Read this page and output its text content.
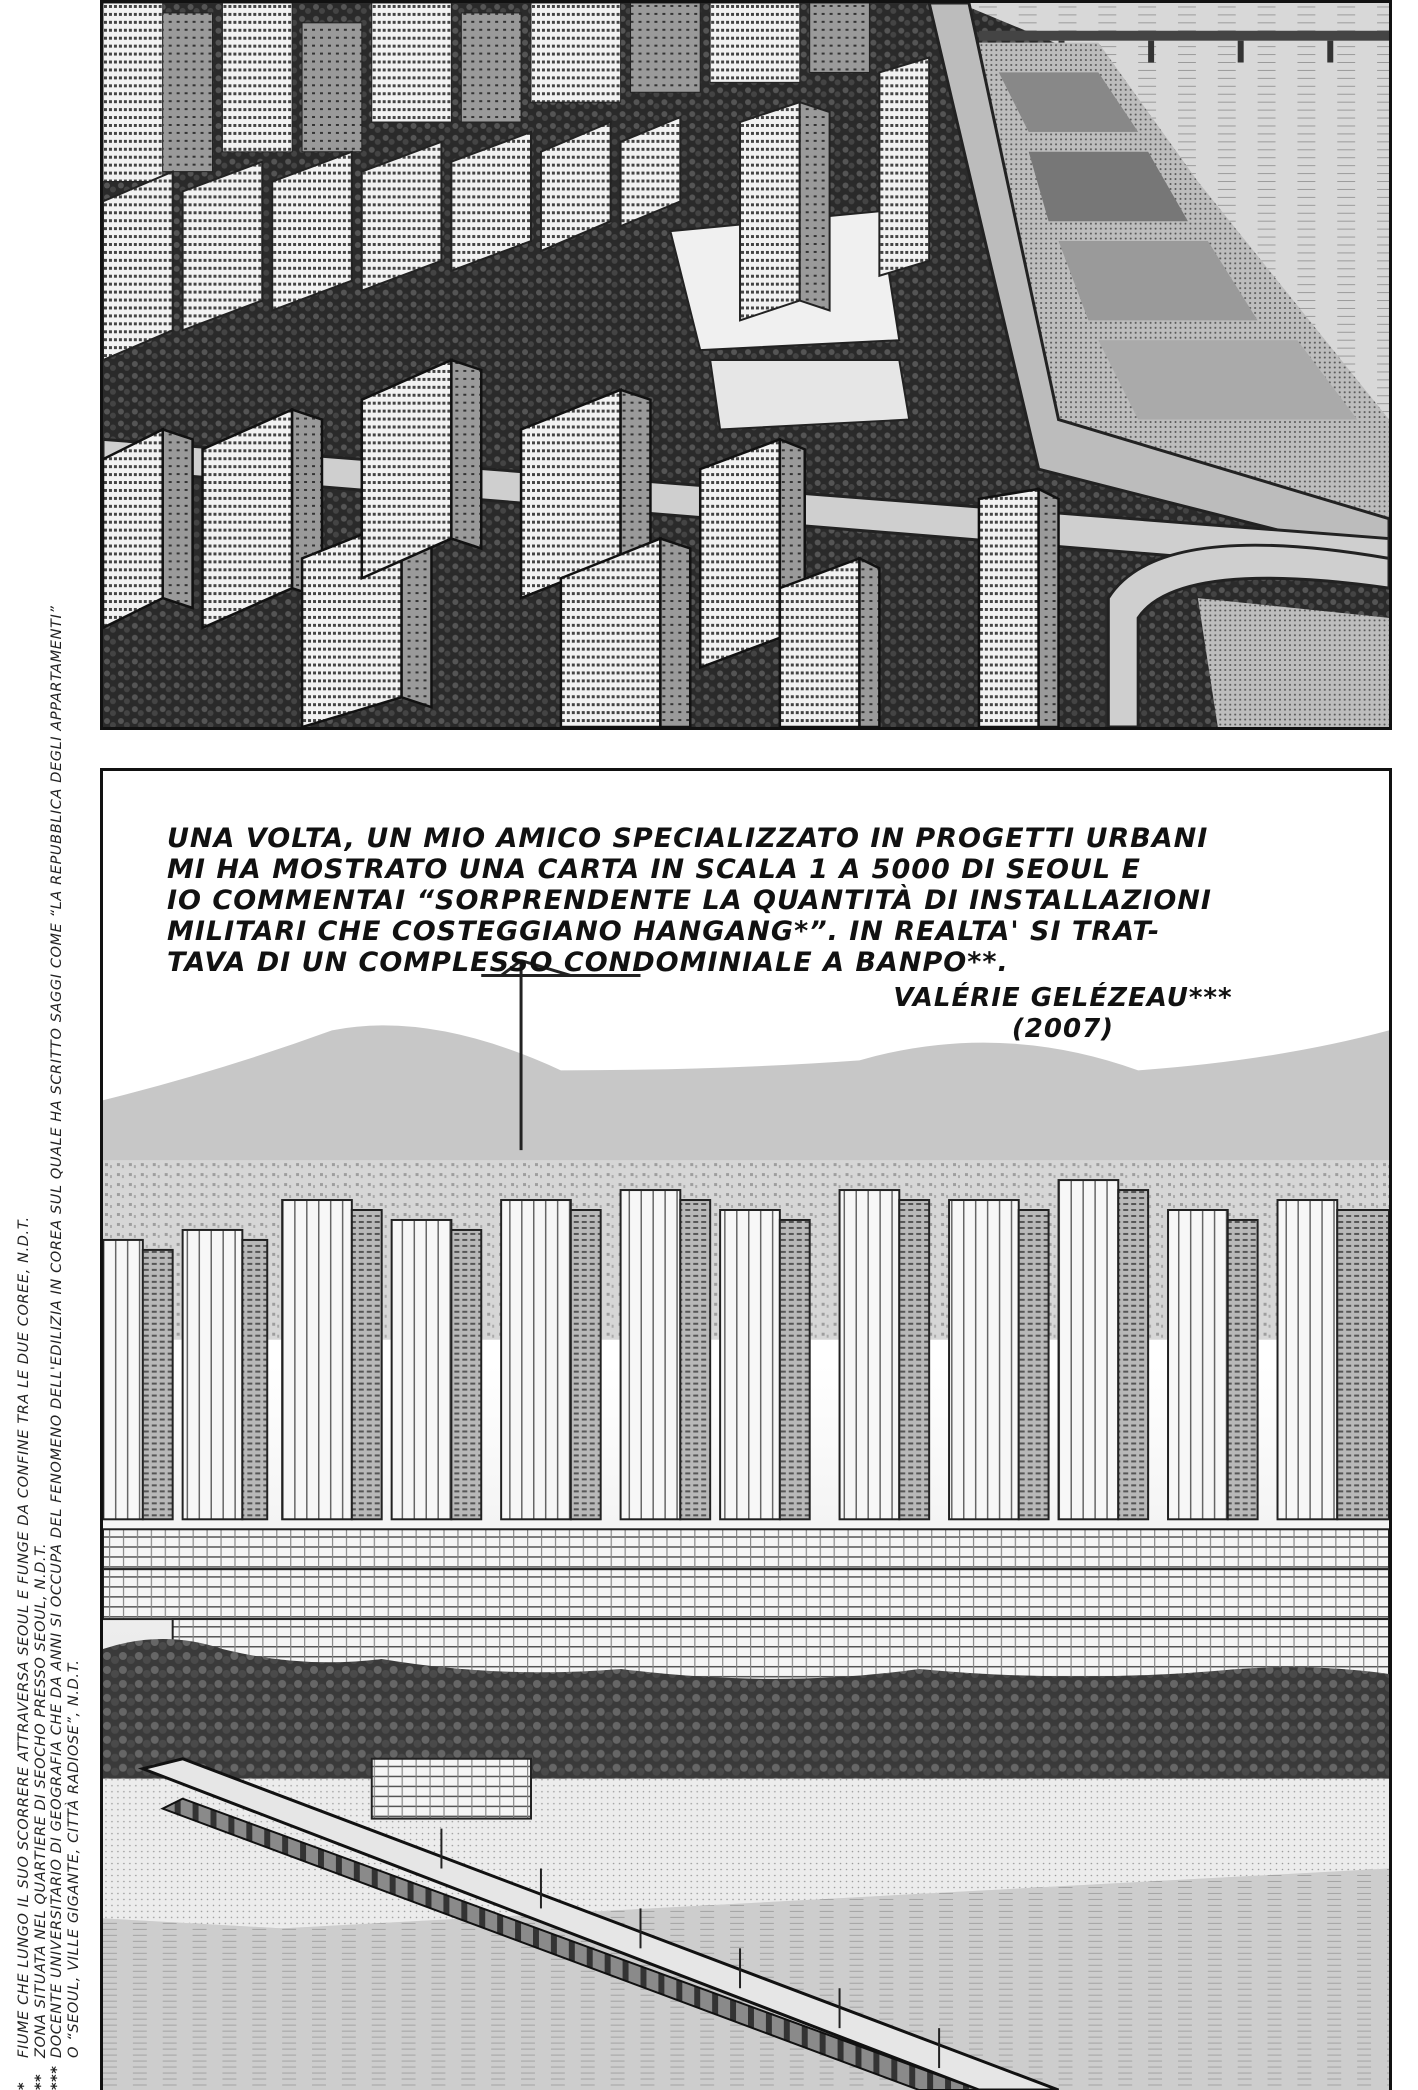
UNA VOLTA, UN MIO AMICO SPECIALIZZATO IN PROGETTI URBANI
MI HA MOSTRATO UNA CARTA IN SCALA 1 A 5000 DI SEOUL E
IO COMMENTAI “SORPRENDENTE LA QUANTITÀ DI INSTALLAZIONI
MILITARI CHE COSTEGGIANO HANGANG*”. IN REALTA' SI TRAT-
TAVA DI UN COMPLESSO CONDOMINIALE A BANPO**.
VALÉRIE GELÉZEAU***
(2007)
*FIUME CHE LUNGO IL SUO SCORRERE ATTRAVERSA SEOUL E FUNGE DA CONFINE TRA LE DUE COREE, N.D.T.
**ZONA SITUATA NEL QUARTIERE DI SEOCHO PRESSO SEOUL, N.D.T.
***DOCENTE UNIVERSITARIO DI GEOGRAFIA CHE DA ANNI SI OCCUPA DEL FENOMENO DELL'EDILIZIA IN COREA SUL QUALE HA SCRITTO SAGGI COME “LA REPUBBLICA DEGLI APPARTAMENTI” O “SEOUL, VILLE GIGANTE, CITTÀ RADIOSE”, N.D.T.
